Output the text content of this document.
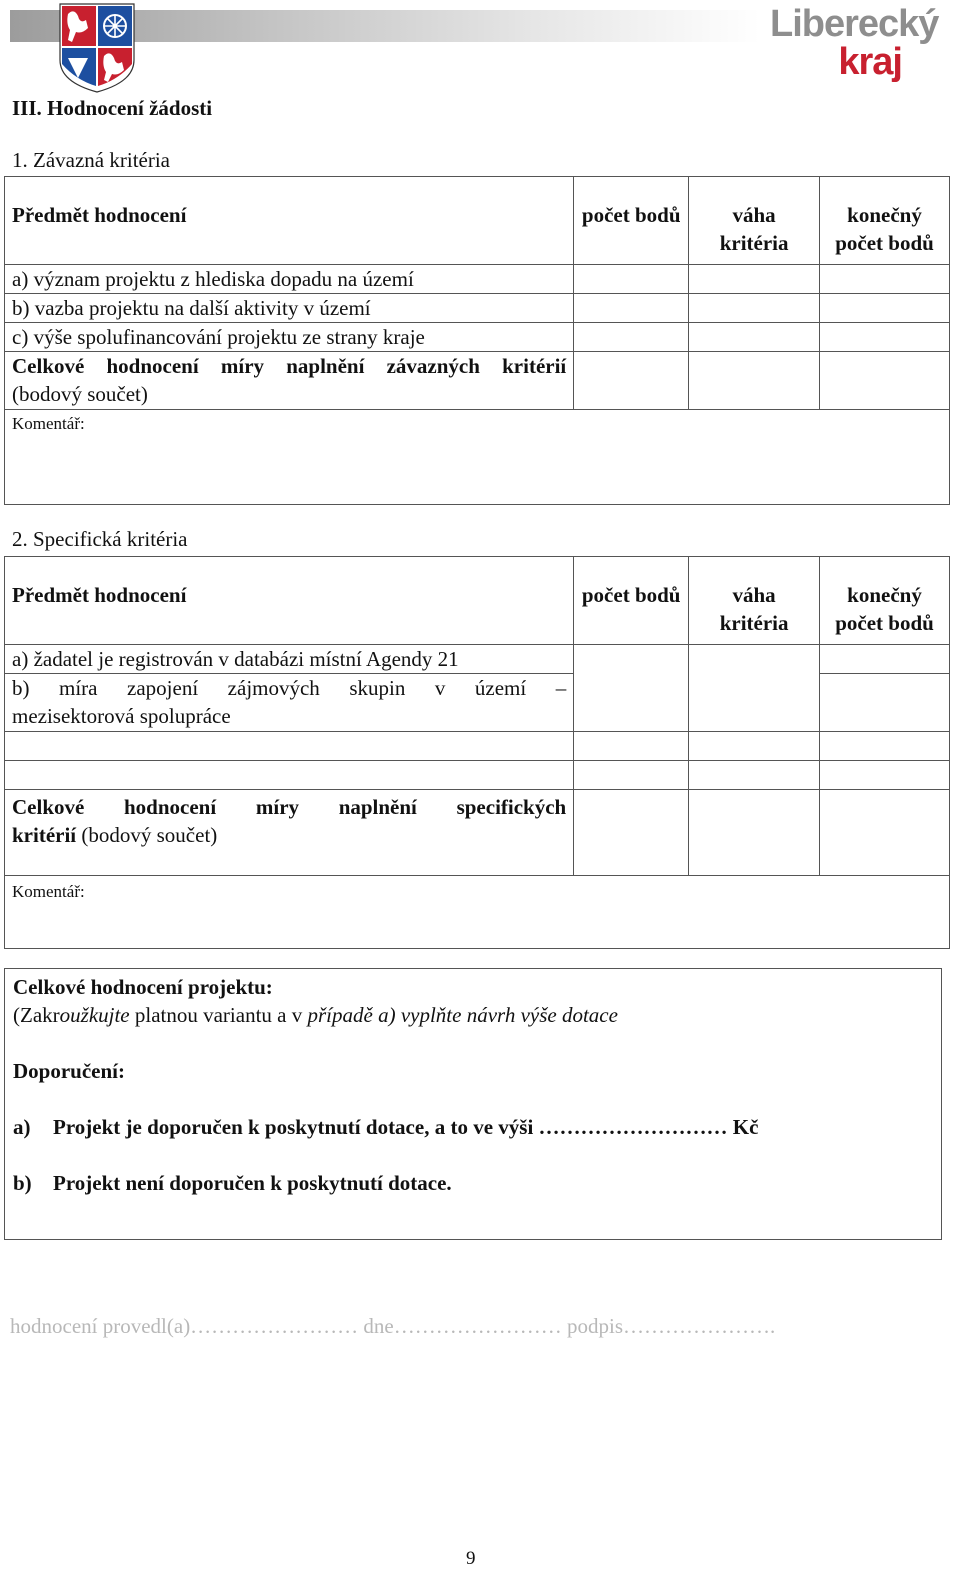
Liberecký
kraj
III. Hodnocení žádosti
1. Závazná kritéria
Předmět hodnocení	počet bodů	váha kritéria	konečný počet bodů
a) význam projektu z hlediska dopadu na území			
b) vazba projektu na další aktivity v území			
c) výše spolufinancování projektu ze strany kraje			

Celkové hodnocení míry naplnění závazných kritérií
(bodový součet)			

Komentář:			
2. Specifická kritéria
Předmět hodnocení	počet bodů	váha kritéria	konečný počet bodů
a) žadatel je registrován v databázi místní Agendy 21			

b) míra zapojení zájmových skupin v území –
mezisektorová spolupráce			

Celkové hodnocení míry naplnění specifických
kritérií (bodový součet)			

Komentář:			
Celkové hodnocení projektu:
(Zakroužkujte platnou variantu a v případě a) vyplňte návrh výše dotace
Doporučení:
a)	Projekt je doporučen k poskytnutí dotace, a to ve výši ……………………… Kč
b)	Projekt není doporučen k poskytnutí dotace.
hodnocení provedl(a)…………………… dne…………………… podpis………………….
9
